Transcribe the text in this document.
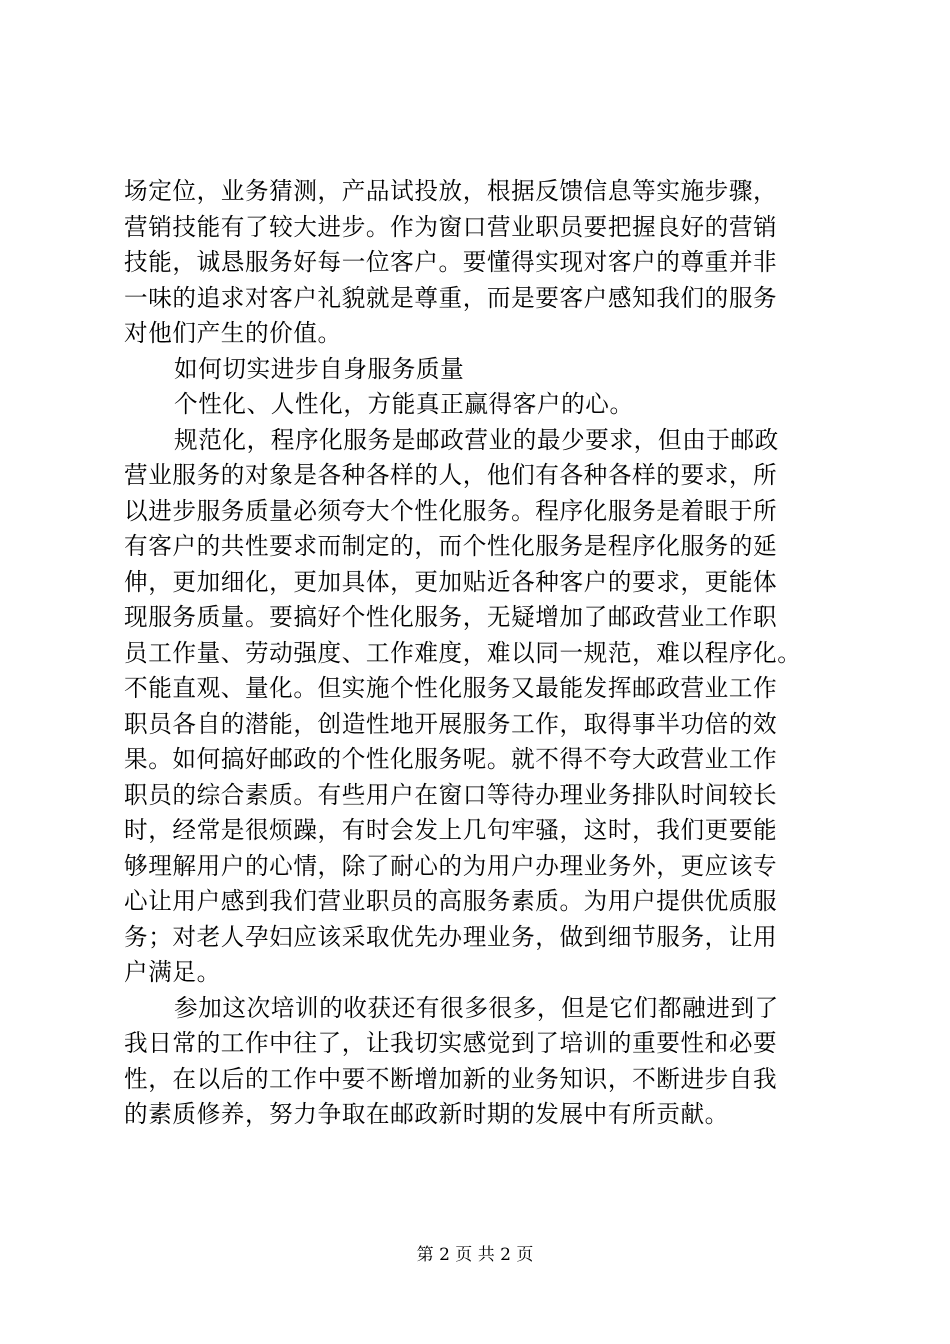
场定位，业务猜测，产品试投放，根据反馈信息等实施步骤，
营销技能有了较大进步。作为窗口营业职员要把握良好的营销
技能，诚恳服务好每一位客户。要懂得实现对客户的尊重并非
一味的追求对客户礼貌就是尊重，而是要客户感知我们的服务
对他们产生的价值。
如何切实进步自身服务质量
个性化、人性化，方能真正赢得客户的心。
规范化，程序化服务是邮政营业的最少要求，但由于邮政
营业服务的对象是各种各样的人，他们有各种各样的要求，所
以进步服务质量必须夸大个性化服务。程序化服务是着眼于所
有客户的共性要求而制定的，而个性化服务是程序化服务的延
伸，更加细化，更加具体，更加贴近各种客户的要求，更能体
现服务质量。要搞好个性化服务，无疑增加了邮政营业工作职
员工作量、劳动强度、工作难度，难以同一规范，难以程序化。
不能直观、量化。但实施个性化服务又最能发挥邮政营业工作
职员各自的潜能，创造性地开展服务工作，取得事半功倍的效
果。如何搞好邮政的个性化服务呢。就不得不夸大政营业工作
职员的综合素质。有些用户在窗口等待办理业务排队时间较长
时，经常是很烦躁，有时会发上几句牢骚，这时，我们更要能
够理解用户的心情，除了耐心的为用户办理业务外，更应该专
心让用户感到我们营业职员的高服务素质。为用户提供优质服
务；对老人孕妇应该采取优先办理业务，做到细节服务，让用
户满足。
参加这次培训的收获还有很多很多，但是它们都融进到了
我日常的工作中往了，让我切实感觉到了培训的重要性和必要
性，在以后的工作中要不断增加新的业务知识，不断进步自我
的素质修养，努力争取在邮政新时期的发展中有所贡献。
第 2 页 共 2 页
